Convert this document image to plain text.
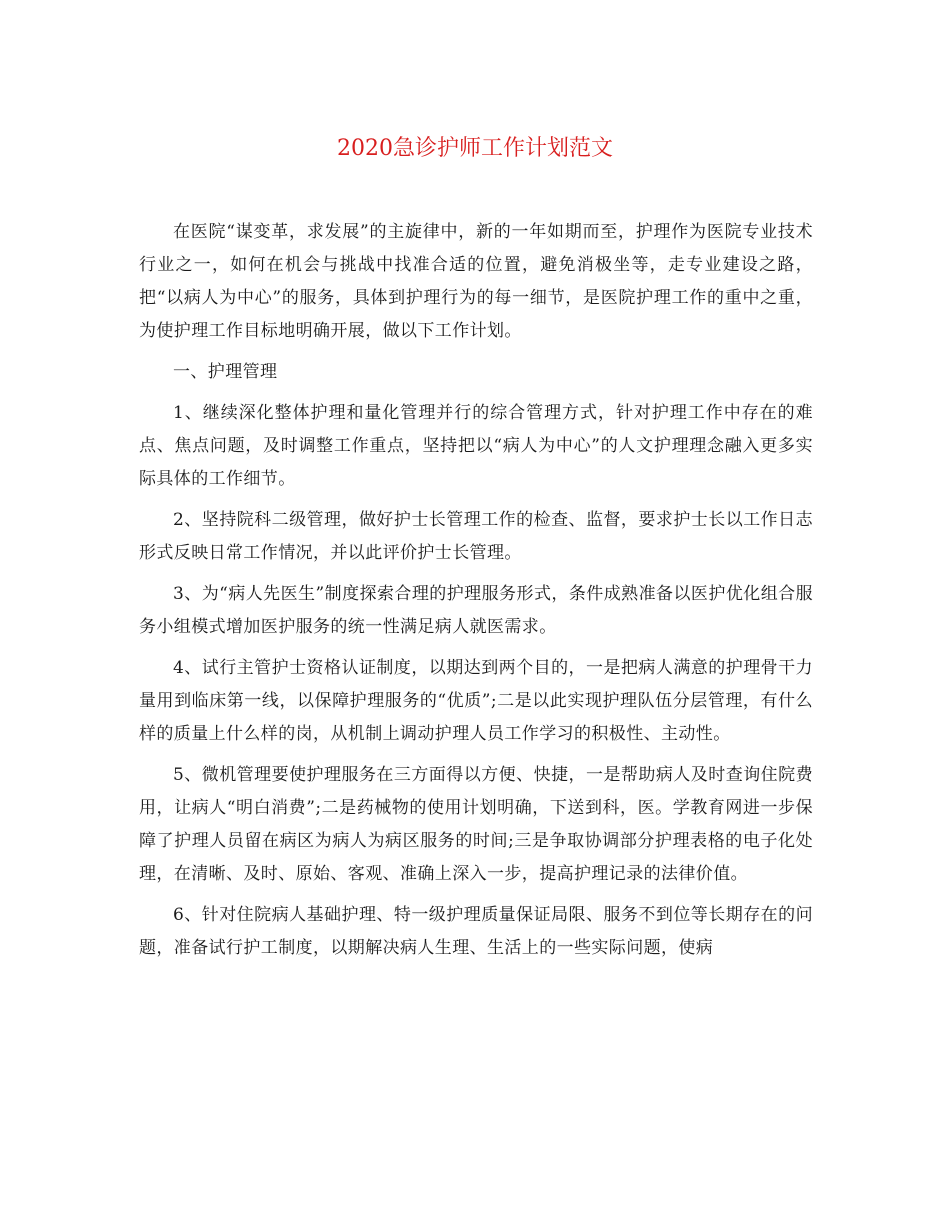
2020急诊护师工作计划范文

在医院“谋变革，求发展”的主旋律中，新的一年如期而至，护理作为医院专业技术行业之一，如何在机会与挑战中找准合适的位置，避免消极坐等，走专业建设之路，把“以病人为中心”的服务，具体到护理行为的每一细节，是医院护理工作的重中之重，为使护理工作目标地明确开展，做以下工作计划。

一、护理管理

1、继续深化整体护理和量化管理并行的综合管理方式，针对护理工作中存在的难点、焦点问题，及时调整工作重点，坚持把以“病人为中心”的人文护理理念融入更多实际具体的工作细节。

2、坚持院科二级管理，做好护士长管理工作的检查、监督，要求护士长以工作日志形式反映日常工作情况，并以此评价护士长管理。

3、为“病人先医生”制度探索合理的护理服务形式，条件成熟准备以医护优化组合服务小组模式增加医护服务的统一性满足病人就医需求。

4、试行主管护士资格认证制度，以期达到两个目的，一是把病人满意的护理骨干力量用到临床第一线，以保障护理服务的“优质”;二是以此实现护理队伍分层管理，有什么样的质量上什么样的岗，从机制上调动护理人员工作学习的积极性、主动性。

5、微机管理要使护理服务在三方面得以方便、快捷，一是帮助病人及时查询住院费用，让病人“明白消费”;二是药械物的使用计划明确，下送到科，医。学教育网进一步保障了护理人员留在病区为病人为病区服务的时间;三是争取协调部分护理表格的电子化处理，在清晰、及时、原始、客观、准确上深入一步，提高护理记录的法律价值。

6、针对住院病人基础护理、特一级护理质量保证局限、服务不到位等长期存在的问题，准备试行护工制度，以期解决病人生理、生活上的一些实际问题，使病
